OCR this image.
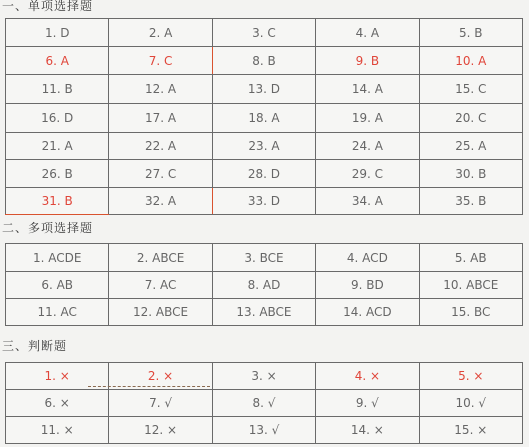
一、单项选择题
1. D	2. A	3. C	4. A	5. B
6. A	7. C	8. B	9. B	10. A
11. B	12. A	13. D	14. A	15. C
16. D	17. A	18. A	19. A	20. C
21. A	22. A	23. A	24. A	25. A
26. B	27. C	28. D	29. C	30. B
31. B	32. A	33. D	34. A	35. B
二、多项选择题
1. ACDE	2. ABCE	3. BCE	4. ACD	5. AB
6. AB	7. AC	8. AD	9. BD	10. ABCE
11. AC	12. ABCE	13. ABCE	14. ACD	15. BC
三、判断题
1. ×	2. ×	3. ×	4. ×	5. ×
6. ×	7. √	8. √	9. √	10. √
11. ×	12. ×	13. √	14. ×	15. ×
